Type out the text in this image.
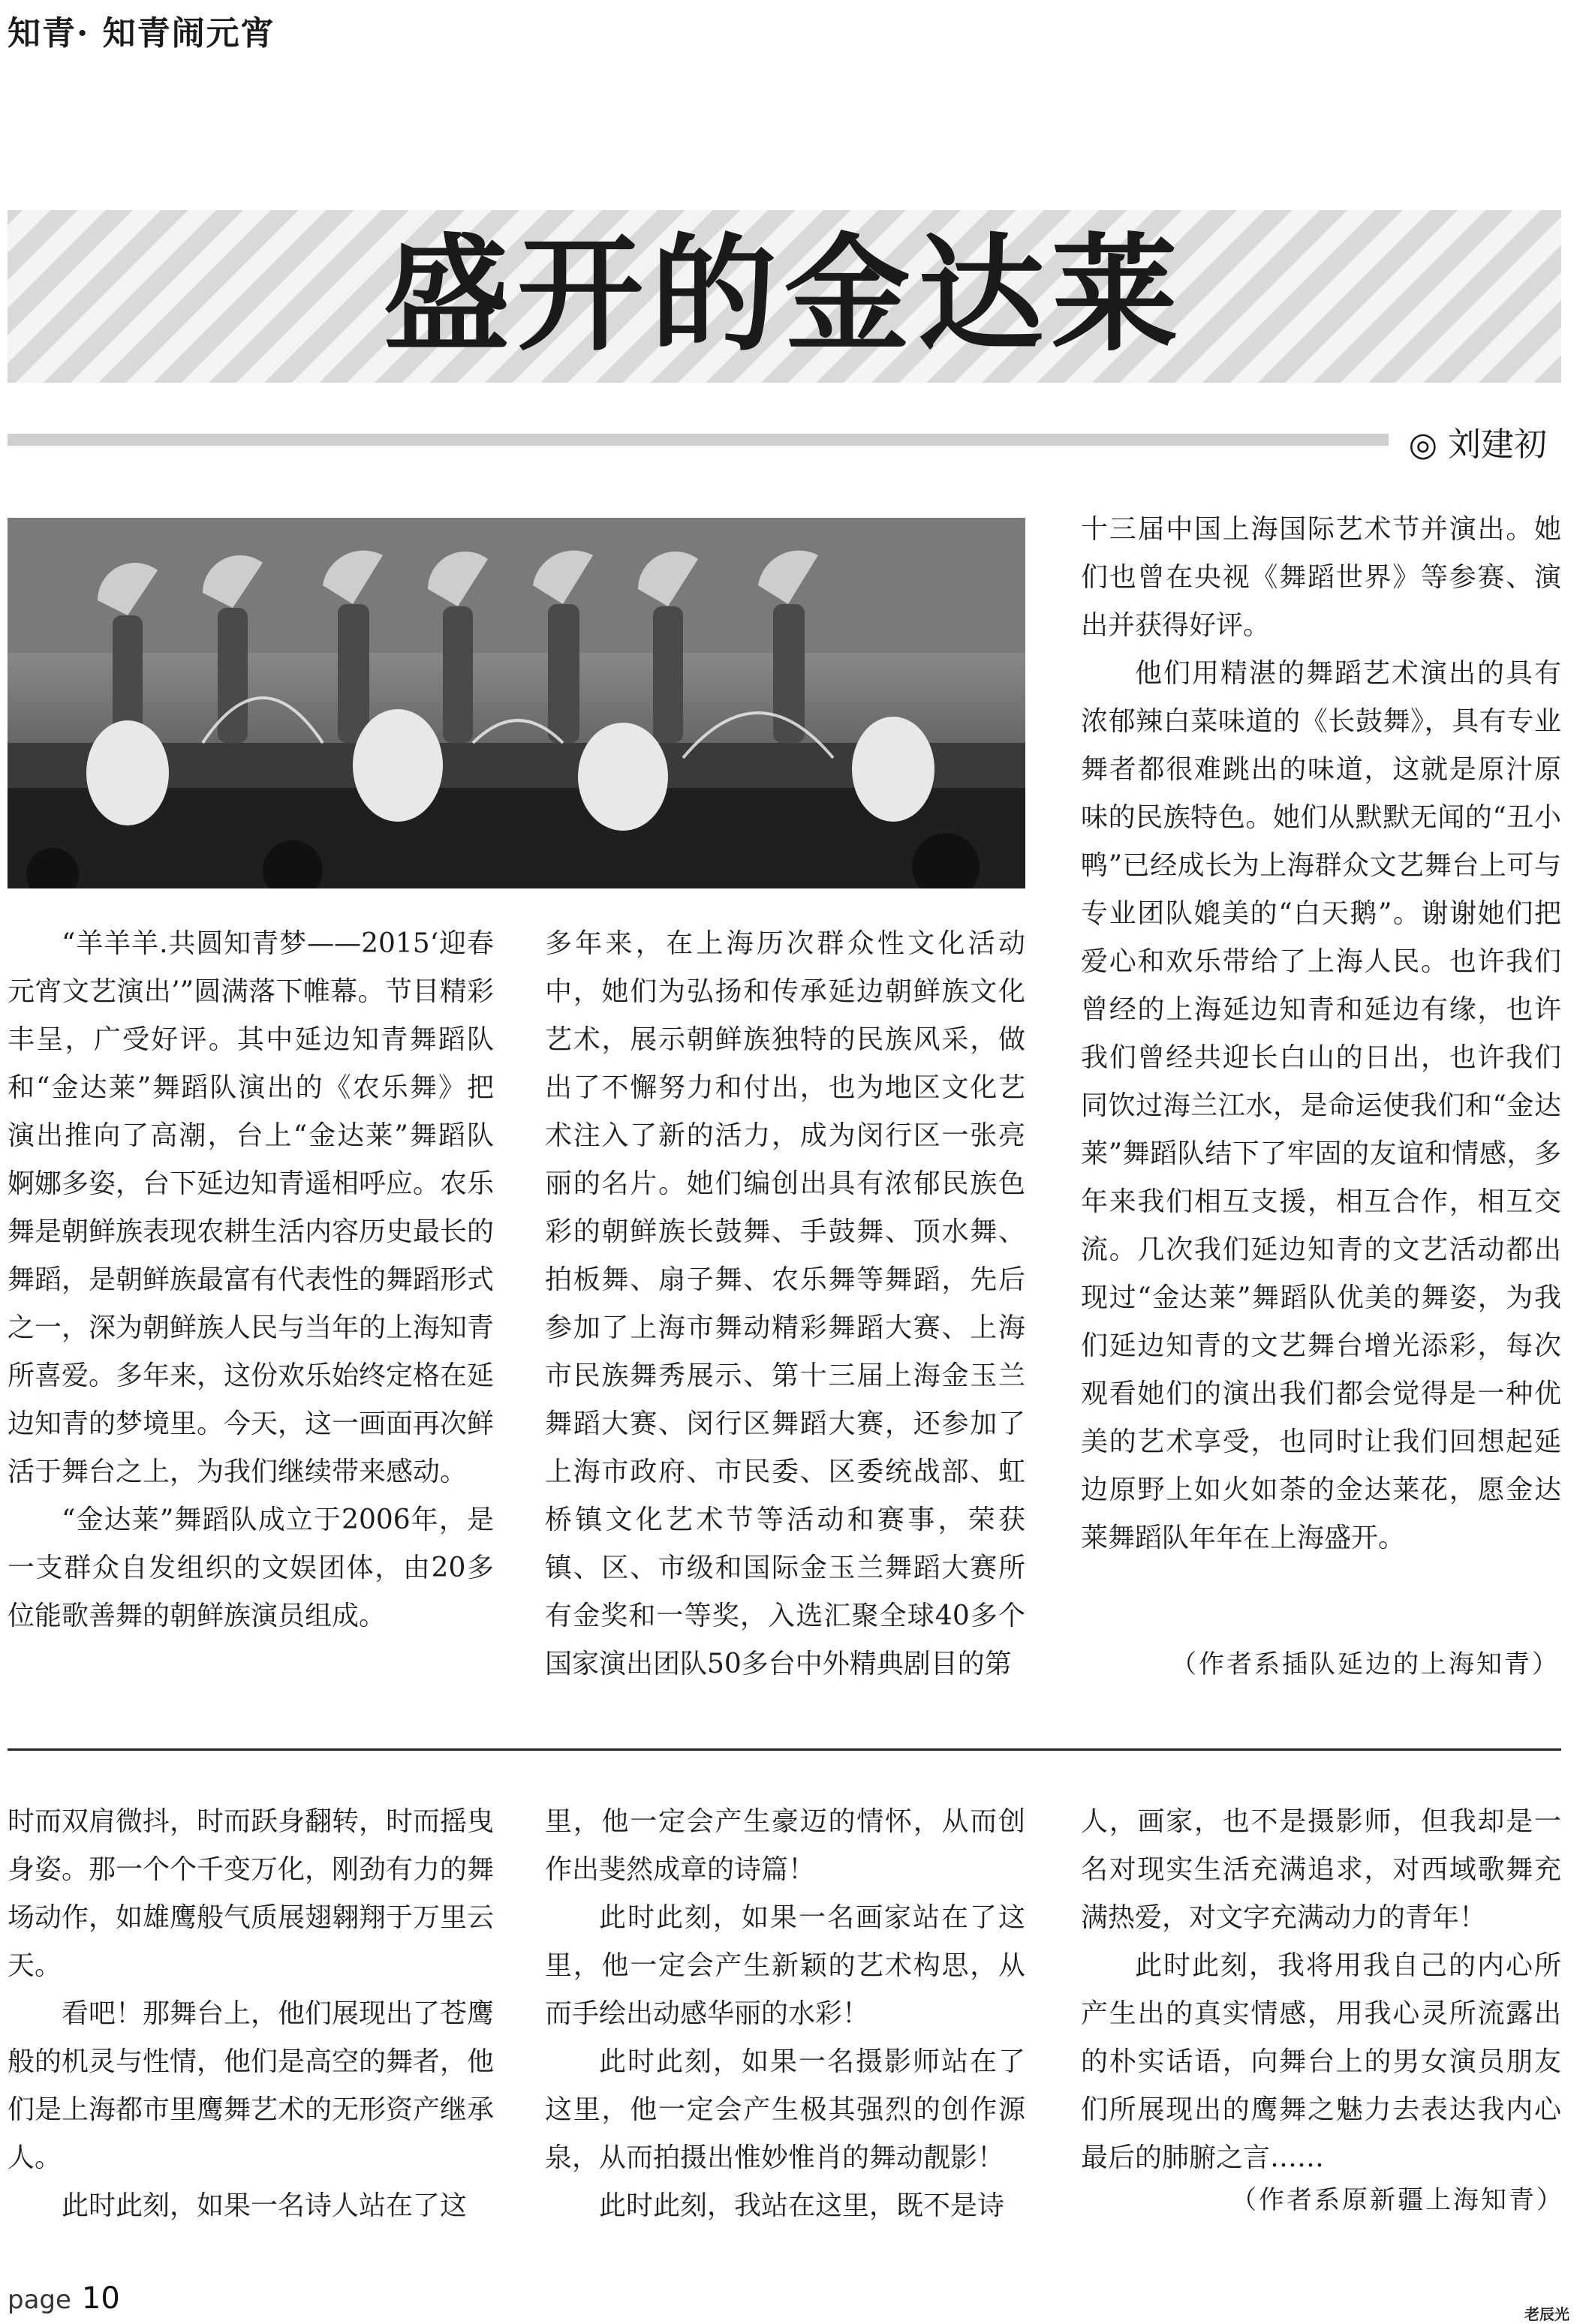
知青· 知青闹元宵
盛开的金达莱
◎ 刘建初

“羊羊羊.共圆知青梦——2015‘迎春元宵文艺演出’”圆满落下帷幕。节目精彩丰呈，广受好评。其中延边知青舞蹈队和“金达莱”舞蹈队演出的《农乐舞》把演出推向了高潮，台上“金达莱”舞蹈队婀娜多姿，台下延边知青遥相呼应。农乐舞是朝鲜族表现农耕生活内容历史最长的舞蹈，是朝鲜族最富有代表性的舞蹈形式之一，深为朝鲜族人民与当年的上海知青所喜爱。多年来，这份欢乐始终定格在延边知青的梦境里。今天，这一画面再次鲜活于舞台之上，为我们继续带来感动。

“金达莱”舞蹈队成立于2006年，是一支群众自发组织的文娱团体，由20多位能歌善舞的朝鲜族演员组成。

多年来，在上海历次群众性文化活动中，她们为弘扬和传承延边朝鲜族文化艺术，展示朝鲜族独特的民族风采，做出了不懈努力和付出，也为地区文化艺术注入了新的活力，成为闵行区一张亮丽的名片。她们编创出具有浓郁民族色彩的朝鲜族长鼓舞、手鼓舞、顶水舞、拍板舞、扇子舞、农乐舞等舞蹈，先后参加了上海市舞动精彩舞蹈大赛、上海市民族舞秀展示、第十三届上海金玉兰舞蹈大赛、闵行区舞蹈大赛，还参加了上海市政府、市民委、区委统战部、虹桥镇文化艺术节等活动和赛事，荣获镇、区、市级和国际金玉兰舞蹈大赛所有金奖和一等奖，入选汇聚全球40多个国家演出团队50多台中外精典剧目的第

十三届中国上海国际艺术节并演出。她们也曾在央视《舞蹈世界》等参赛、演出并获得好评。

他们用精湛的舞蹈艺术演出的具有浓郁辣白菜味道的《长鼓舞》，具有专业舞者都很难跳出的味道，这就是原汁原味的民族特色。她们从默默无闻的“丑小鸭”已经成长为上海群众文艺舞台上可与专业团队媲美的“白天鹅”。谢谢她们把爱心和欢乐带给了上海人民。也许我们曾经的上海延边知青和延边有缘，也许我们曾经共迎长白山的日出，也许我们同饮过海兰江水，是命运使我们和“金达莱”舞蹈队结下了牢固的友谊和情感，多年来我们相互支援，相互合作，相互交流。几次我们延边知青的文艺活动都出现过“金达莱”舞蹈队优美的舞姿，为我们延边知青的文艺舞台增光添彩，每次观看她们的演出我们都会觉得是一种优美的艺术享受，也同时让我们回想起延边原野上如火如荼的金达莱花，愿金达莱舞蹈队年年在上海盛开。

（作者系插队延边的上海知青）

时而双肩微抖，时而跃身翻转，时而摇曳身姿。那一个个千变万化，刚劲有力的舞场动作，如雄鹰般气质展翅翱翔于万里云天。

看吧！那舞台上，他们展现出了苍鹰般的机灵与性情，他们是高空的舞者，他们是上海都市里鹰舞艺术的无形资产继承人。

此时此刻，如果一名诗人站在了这

里，他一定会产生豪迈的情怀，从而创作出斐然成章的诗篇！

此时此刻，如果一名画家站在了这里，他一定会产生新颖的艺术构思，从而手绘出动感华丽的水彩！

此时此刻，如果一名摄影师站在了这里，他一定会产生极其强烈的创作源泉，从而拍摄出惟妙惟肖的舞动靓影！

此时此刻，我站在这里，既不是诗

人，画家，也不是摄影师，但我却是一名对现实生活充满追求，对西域歌舞充满热爱，对文字充满动力的青年！

此时此刻，我将用我自己的内心所产生出的真实情感，用我心灵所流露出的朴实话语，向舞台上的男女演员朋友们所展现出的鹰舞之魅力去表达我内心最后的肺腑之言……

（作者系原新疆上海知青）
page 10	老辰光
